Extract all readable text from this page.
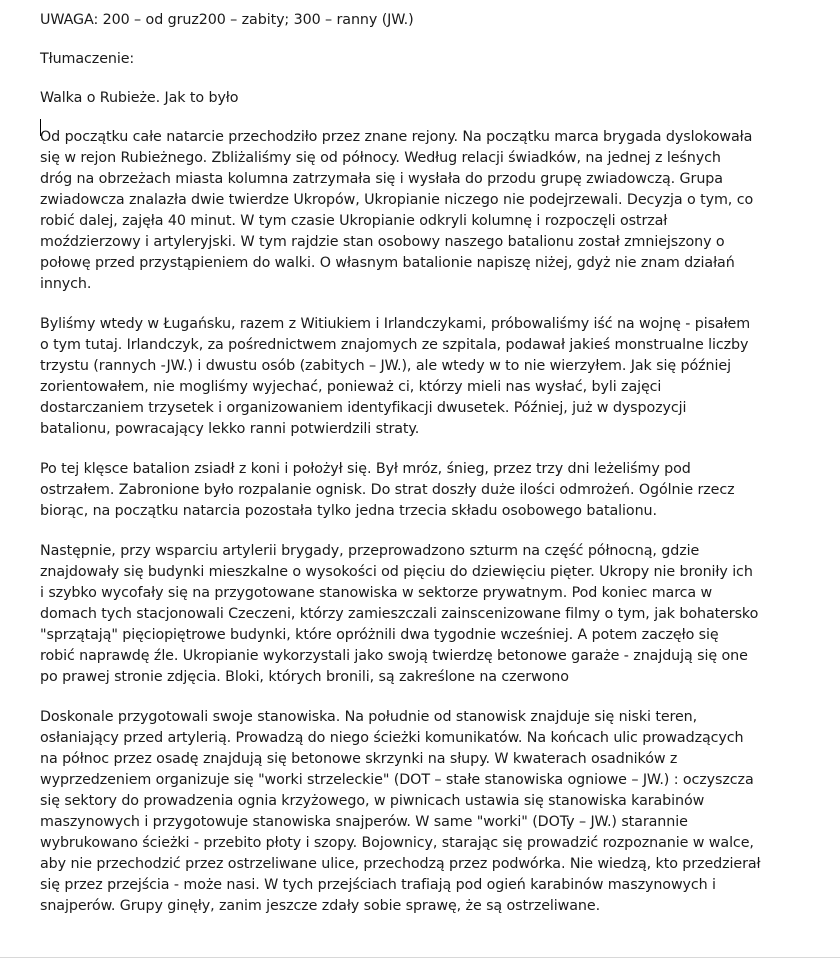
UWAGA: 200 – od gruz200 – zabity; 300 – ranny (JW.)
Tłumaczenie:
Walka o Rubieże. Jak to było
Od początku całe natarcie przechodziło przez znane rejony. Na początku marca brygada dyslokowała
się w rejon Rubieżnego. Zbliżaliśmy się od północy. Według relacji świadków, na jednej z leśnych
dróg na obrzeżach miasta kolumna zatrzymała się i wysłała do przodu grupę zwiadowczą. Grupa
zwiadowcza znalazła dwie twierdze Ukropów, Ukropianie niczego nie podejrzewali. Decyzja o tym, co
robić dalej, zajęła 40 minut. W tym czasie Ukropianie odkryli kolumnę i rozpoczęli ostrzał
moździerzowy i artyleryjski. W tym rajdzie stan osobowy naszego batalionu został zmniejszony o
połowę przed przystąpieniem do walki. O własnym batalionie napiszę niżej, gdyż nie znam działań
innych.
Byliśmy wtedy w Ługańsku, razem z Witiukiem i Irlandczykami, próbowaliśmy iść na wojnę - pisałem
o tym tutaj. Irlandczyk, za pośrednictwem znajomych ze szpitala, podawał jakieś monstrualne liczby
trzystu (rannych -JW.) i dwustu osób (zabitych – JW.), ale wtedy w to nie wierzyłem. Jak się później
zorientowałem, nie mogliśmy wyjechać, ponieważ ci, którzy mieli nas wysłać, byli zajęci
dostarczaniem trzysetek i organizowaniem identyfikacji dwusetek. Później, już w dyspozycji
batalionu, powracający lekko ranni potwierdzili straty.
Po tej klęsce batalion zsiadł z koni i położył się. Był mróz, śnieg, przez trzy dni leżeliśmy pod
ostrzałem. Zabronione było rozpalanie ognisk. Do strat doszły duże ilości odmrożeń. Ogólnie rzecz
biorąc, na początku natarcia pozostała tylko jedna trzecia składu osobowego batalionu.
Następnie, przy wsparciu artylerii brygady, przeprowadzono szturm na część północną, gdzie
znajdowały się budynki mieszkalne o wysokości od pięciu do dziewięciu pięter. Ukropy nie broniły ich
i szybko wycofały się na przygotowane stanowiska w sektorze prywatnym. Pod koniec marca w
domach tych stacjonowali Czeczeni, którzy zamieszczali zainscenizowane filmy o tym, jak bohatersko
"sprzątają" pięciopiętrowe budynki, które opróżnili dwa tygodnie wcześniej. A potem zaczęło się
robić naprawdę źle. Ukropianie wykorzystali jako swoją twierdzę betonowe garaże - znajdują się one
po prawej stronie zdjęcia. Bloki, których bronili, są zakreślone na czerwono
Doskonale przygotowali swoje stanowiska. Na południe od stanowisk znajduje się niski teren,
osłaniający przed artylerią. Prowadzą do niego ścieżki komunikatów. Na końcach ulic prowadzących
na północ przez osadę znajdują się betonowe skrzynki na słupy. W kwaterach osadników z
wyprzedzeniem organizuje się "worki strzeleckie" (DOT – stałe stanowiska ogniowe – JW.) : oczyszcza
się sektory do prowadzenia ognia krzyżowego, w piwnicach ustawia się stanowiska karabinów
maszynowych i przygotowuje stanowiska snajperów. W same "worki" (DOTy – JW.) starannie
wybrukowano ścieżki - przebito płoty i szopy. Bojownicy, starając się prowadzić rozpoznanie w walce,
aby nie przechodzić przez ostrzeliwane ulice, przechodzą przez podwórka. Nie wiedzą, kto przedzierał
się przez przejścia - może nasi. W tych przejściach trafiają pod ogień karabinów maszynowych i
snajperów. Grupy ginęły, zanim jeszcze zdały sobie sprawę, że są ostrzeliwane.
